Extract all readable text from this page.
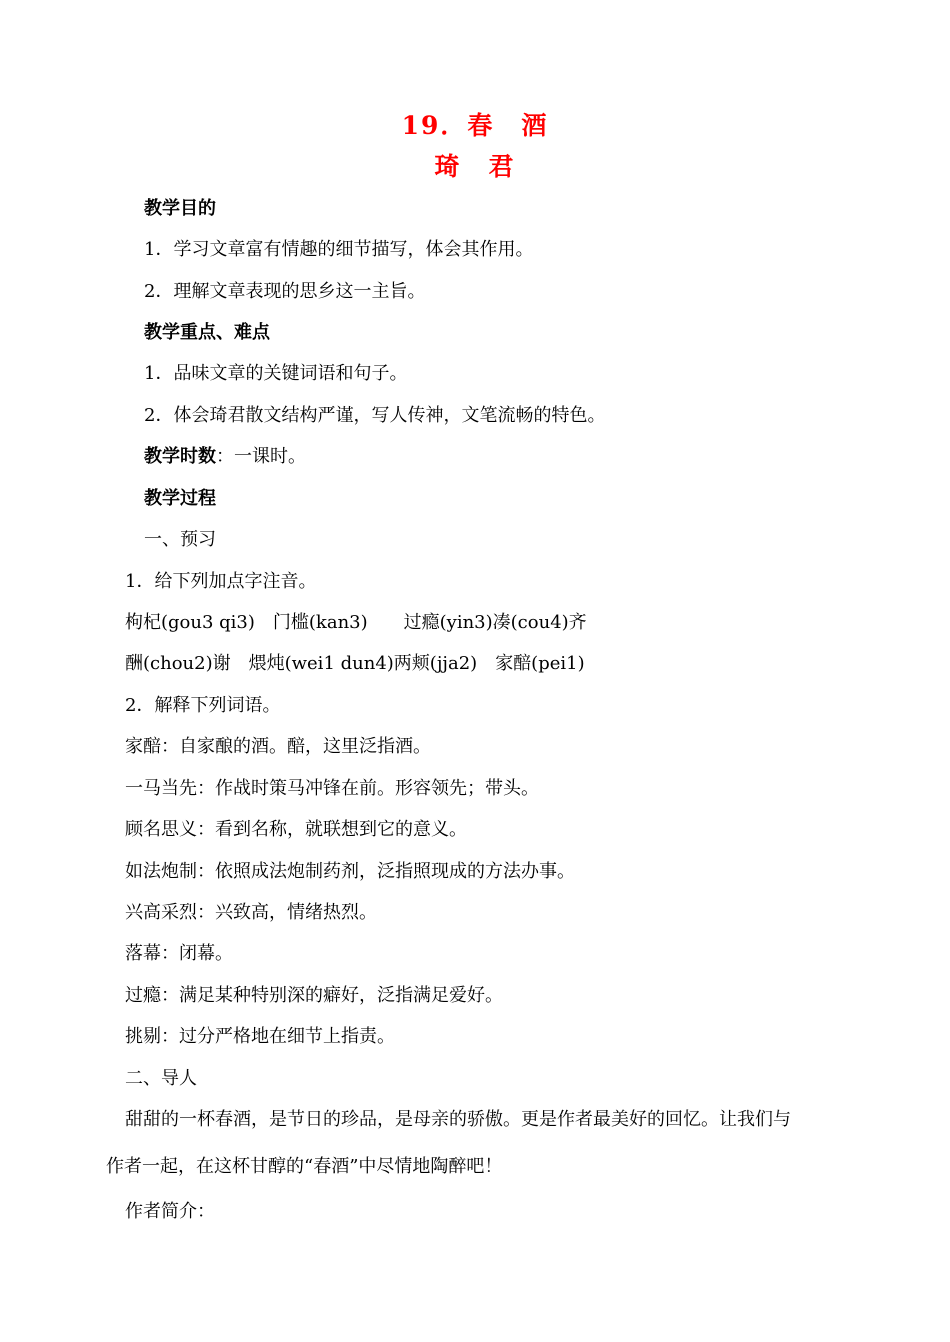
19．春　酒
琦　君
教学目的
1．学习文章富有情趣的细节描写，体会其作用。
2．理解文章表现的思乡这一主旨。
教学重点、难点
1．品味文章的关键词语和句子。
2．体会琦君散文结构严谨，写人传神，文笔流畅的特色。
教学时数：一课时。
教学过程
一、预习
1．给下列加点字注音。
枸杞(gou3 qi3)　门槛(kan3) 过瘾(yin3)凑(cou4)齐
酬(chou2)谢　煨炖(wei1 dun4)两颊(jja2) 家醅(pei1)
2．解释下列词语。
家醅：自家酿的酒。醅，这里泛指酒。
一马当先：作战时策马冲锋在前。形容领先；带头。
顾名思义：看到名称，就联想到它的意义。
如法炮制：依照成法炮制药剂，泛指照现成的方法办事。
兴高采烈：兴致高，情绪热烈。
落幕：闭幕。
过瘾：满足某种特别深的癖好，泛指满足爱好。
挑剔：过分严格地在细节上指责。
二、导人
甜甜的一杯春酒，是节日的珍品，是母亲的骄傲。更是作者最美好的回忆。让我们与
作者一起，在这杯甘醇的“春酒”中尽情地陶醉吧！
作者简介：
